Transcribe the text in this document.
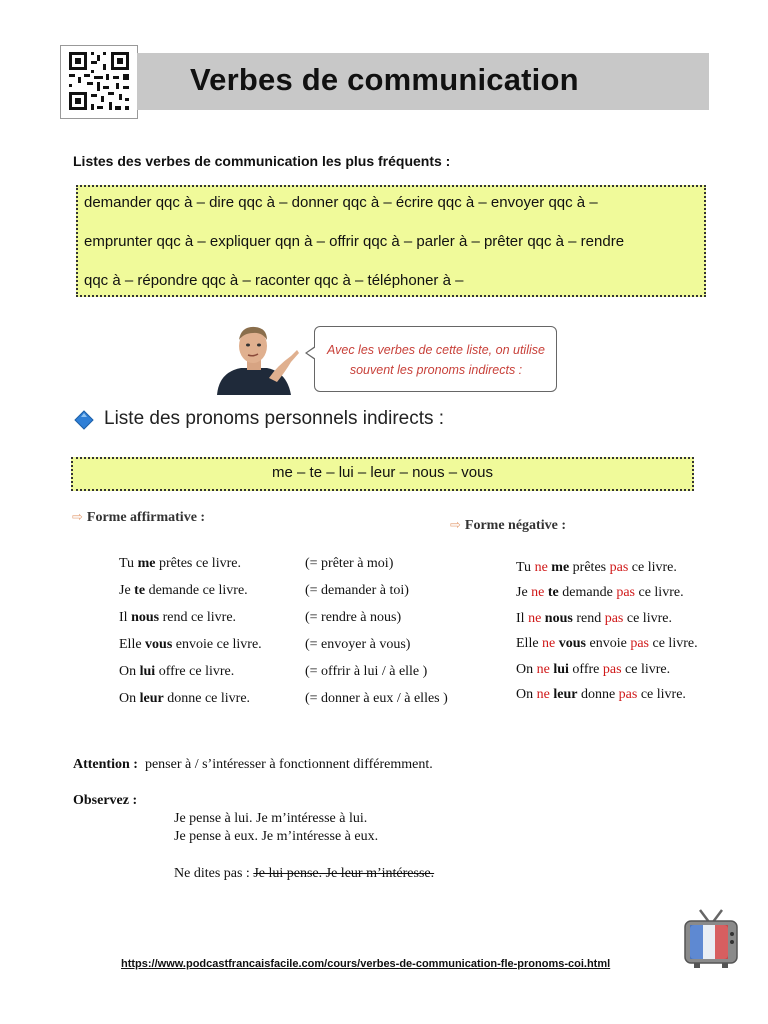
Verbes de communication
Listes des verbes de communication les plus fréquents :
demander qqc à – dire qqc à – donner qqc à – écrire qqc à – envoyer qqc à –
emprunter qqc à – expliquer qqn à – offrir qqc à – parler à – prêter qqc à – rendre
qqc à – répondre qqc à – raconter qqc à – téléphoner à –
Avec les verbes de cette liste, on utilise
souvent les pronoms indirects :
Liste des pronoms personnels indirects :
me – te – lui – leur – nous – vous
⇨ Forme affirmative :
Tu me prêtes ce livre.	(= prêter à moi)
Je te demande ce livre.	(= demander à toi)
Il nous rend ce livre.	(= rendre à nous)
Elle vous envoie ce livre.	(= envoyer à vous)
On lui offre ce livre.	(= offrir à lui / à elle )
On leur donne ce livre.	(= donner à eux / à elles )
⇨ Forme négative :
Tu ne me prêtes pas ce livre.
Je ne te demande pas ce livre.
Il ne nous rend pas ce livre.
Elle ne vous envoie pas ce livre.
On ne lui offre pas ce livre.
On ne leur donne pas ce livre.
Attention : penser à / s’intéresser à fonctionnent différemment.
Observez :
Je pense à lui. Je m’intéresse à lui.
Je pense à eux. Je m’intéresse à eux.
Ne dites pas : Je lui pense. Je leur m’intéresse.
https://www.podcastfrancaisfacile.com/cours/verbes-de-communication-fle-pronoms-coi.html
